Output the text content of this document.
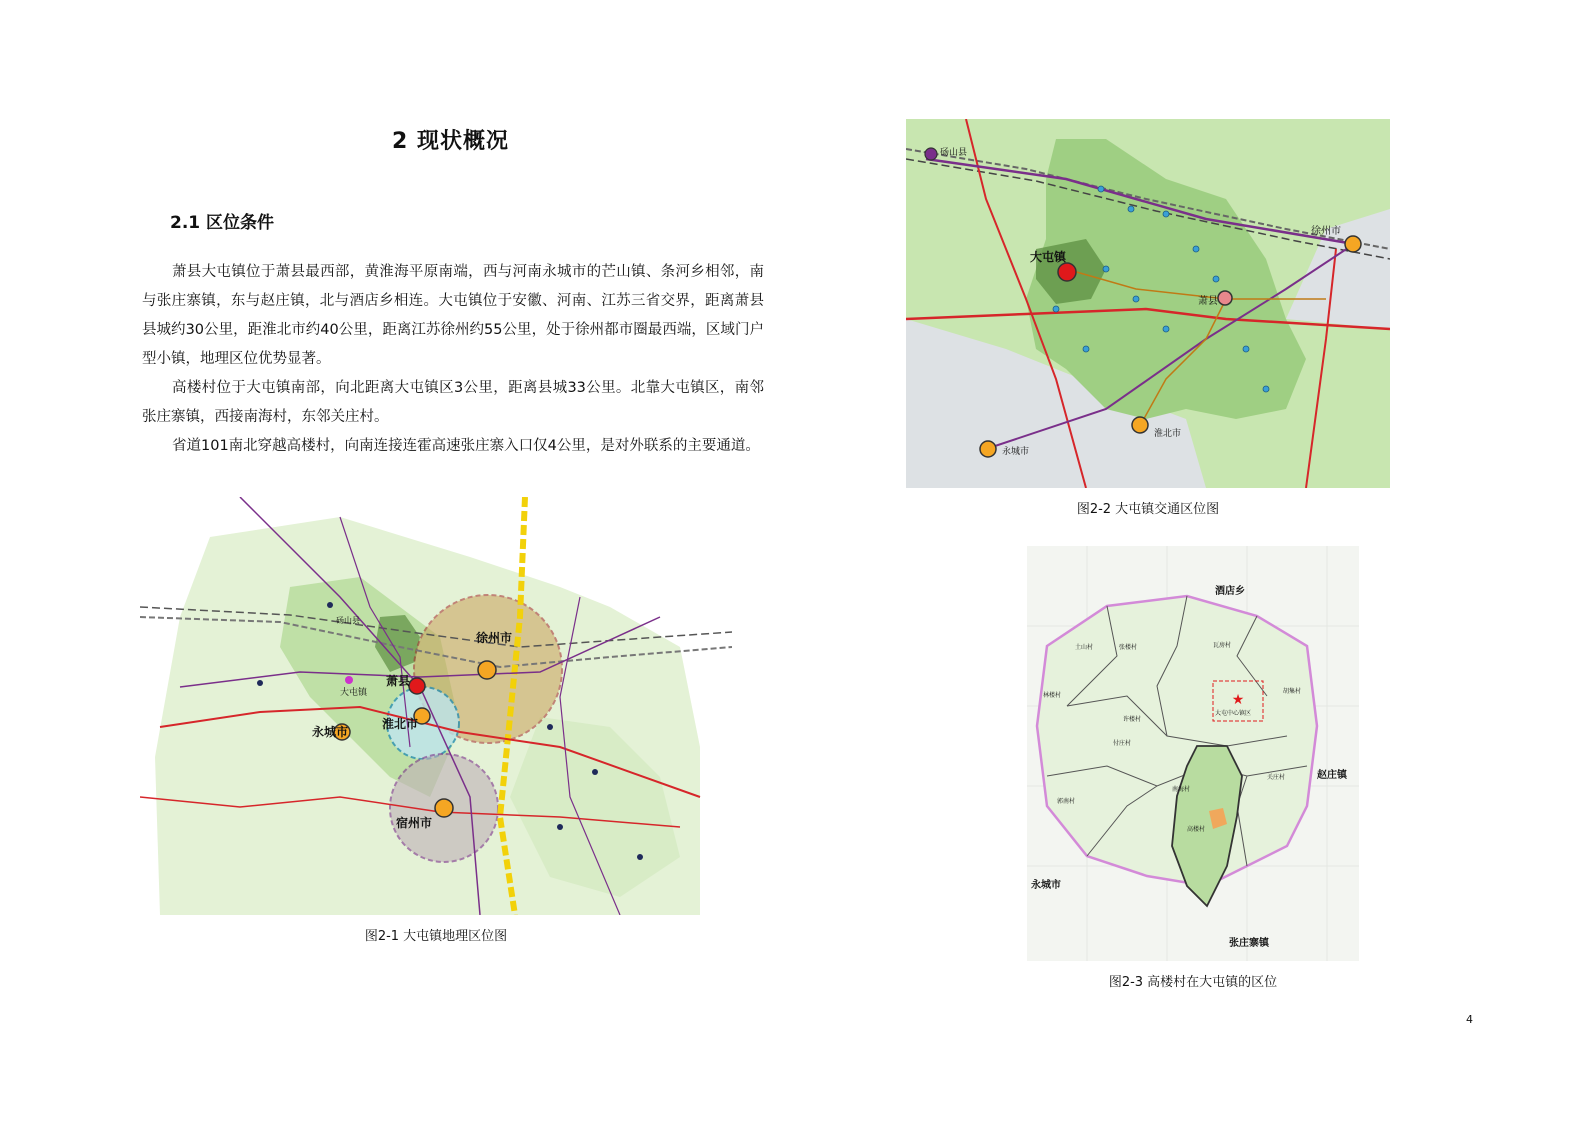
2 现状概况
2.1 区位条件

萧县大屯镇位于萧县最西部，黄淮海平原南端，西与河南永城市的芒山镇、条河乡相邻，南与张庄寨镇，东与赵庄镇，北与酒店乡相连。大屯镇位于安徽、河南、江苏三省交界，距离萧县县城约30公里，距淮北市约40公里，距离江苏徐州约55公里，处于徐州都市圈最西端，区域门户型小镇，地理区位优势显著。

高楼村位于大屯镇南部，向北距离大屯镇区3公里，距离县城33公里。北靠大屯镇区，南邻张庄寨镇，西接南海村，东邻关庄村。

省道101南北穿越高楼村，向南连接连霍高速张庄寨入口仅4公里，是对外联系的主要通道。

徐州市
萧县
大屯镇
淮北市
永城市
宿州市
砀山县
图2-1 大屯镇地理区位图
砀山县
徐州市
大屯镇
萧县
淮北市
永城市
图2-2 大屯镇交通区位图
★
酒店乡
赵庄镇
永城市
张庄寨镇
大屯中心镇区
高楼村
南海村
关庄村
林楼村
许楼村
付庄村
郭南村
张楼村	瓦房村
土山村
胡集村
图2-3 高楼村在大屯镇的区位
4
